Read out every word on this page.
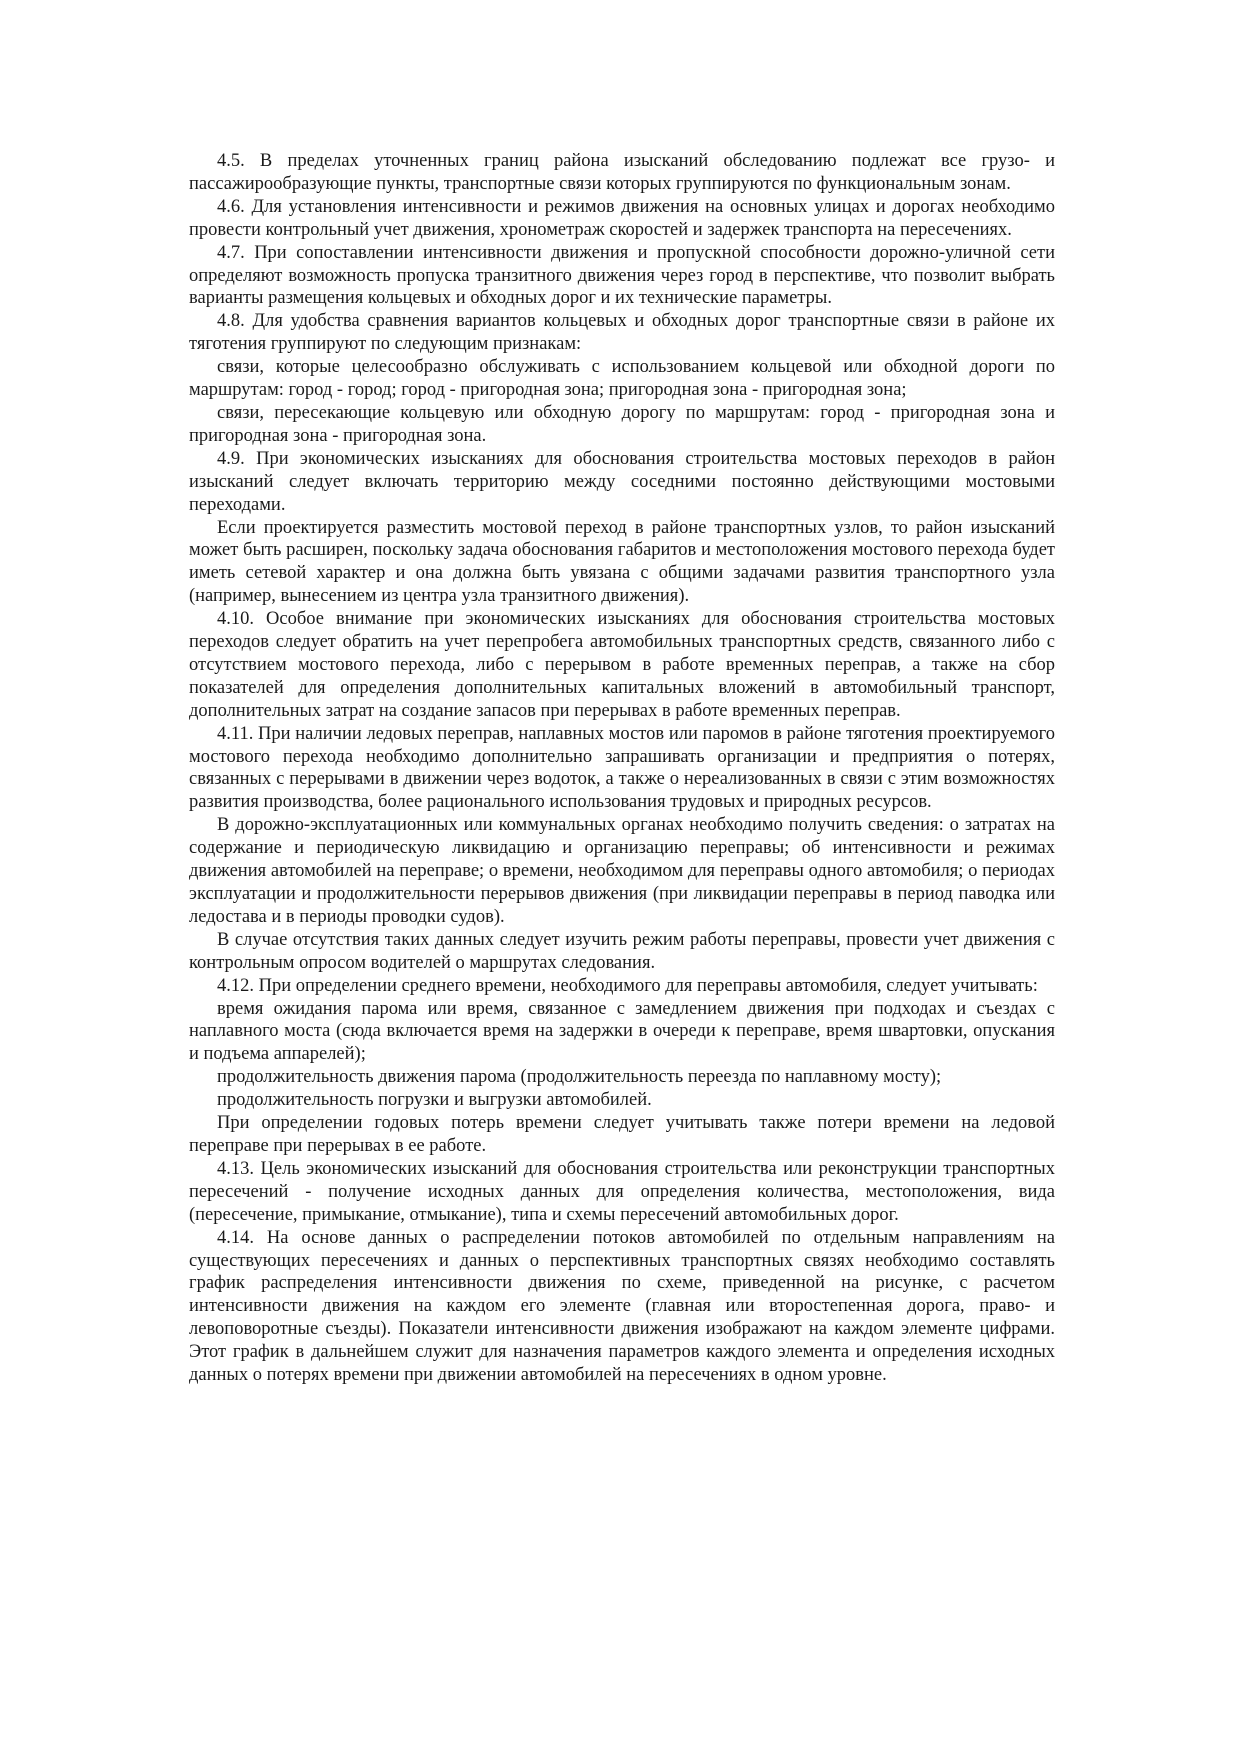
4.5. В пределах уточненных границ района изысканий обследованию подлежат все грузо- и пассажирообразующие пункты, транспортные связи которых группируются по функциональным зонам.

4.6. Для установления интенсивности и режимов движения на основных улицах и дорогах необходимо провести контрольный учет движения, хронометраж скоростей и задержек транспорта на пересечениях.

4.7. При сопоставлении интенсивности движения и пропускной способности дорожно-уличной сети определяют возможность пропуска транзитного движения через город в перспективе, что позволит выбрать варианты размещения кольцевых и обходных дорог и их технические параметры.

4.8. Для удобства сравнения вариантов кольцевых и обходных дорог транспортные связи в районе их тяготения группируют по следующим признакам:

связи, которые целесообразно обслуживать с использованием кольцевой или обходной дороги по маршрутам: город - город; город - пригородная зона; пригородная зона - пригородная зона;

связи, пересекающие кольцевую или обходную дорогу по маршрутам: город - пригородная зона и пригородная зона - пригородная зона.

4.9. При экономических изысканиях для обоснования строительства мостовых переходов в район изысканий следует включать территорию между соседними постоянно действующими мостовыми переходами.

Если проектируется разместить мостовой переход в районе транспортных узлов, то район изысканий может быть расширен, поскольку задача обоснования габаритов и местоположения мостового перехода будет иметь сетевой характер и она должна быть увязана с общими задачами развития транспортного узла (например, вынесением из центра узла транзитного движения).

4.10. Особое внимание при экономических изысканиях для обоснования строительства мостовых переходов следует обратить на учет перепробега автомобильных транспортных средств, связанного либо с отсутствием мостового перехода, либо с перерывом в работе временных переправ, а также на сбор показателей для определения дополнительных капитальных вложений в автомобильный транспорт, дополнительных затрат на создание запасов при перерывах в работе временных переправ.

4.11. При наличии ледовых переправ, наплавных мостов или паромов в районе тяготения проектируемого мостового перехода необходимо дополнительно запрашивать организации и предприятия о потерях, связанных с перерывами в движении через водоток, а также о нереализованных в связи с этим возможностях развития производства, более рационального использования трудовых и природных ресурсов.

В дорожно-эксплуатационных или коммунальных органах необходимо получить сведения: о затратах на содержание и периодическую ликвидацию и организацию переправы; об интенсивности и режимах движения автомобилей на переправе; о времени, необходимом для переправы одного автомобиля; о периодах эксплуатации и продолжительности перерывов движения (при ликвидации переправы в период паводка или ледостава и в периоды проводки судов).

В случае отсутствия таких данных следует изучить режим работы переправы, провести учет движения с контрольным опросом водителей о маршрутах следования.

4.12. При определении среднего времени, необходимого для переправы автомобиля, следует учитывать:

время ожидания парома или время, связанное с замедлением движения при подходах и съездах с наплавного моста (сюда включается время на задержки в очереди к переправе, время швартовки, опускания и подъема аппарелей);

продолжительность движения парома (продолжительность переезда по наплавному мосту);

продолжительность погрузки и выгрузки автомобилей.

При определении годовых потерь времени следует учитывать также потери времени на ледовой переправе при перерывах в ее работе.

4.13. Цель экономических изысканий для обоснования строительства или реконструкции транспортных пересечений - получение исходных данных для определения количества, местоположения, вида (пересечение, примыкание, отмыкание), типа и схемы пересечений автомобильных дорог.

4.14. На основе данных о распределении потоков автомобилей по отдельным направлениям на существующих пересечениях и данных о перспективных транспортных связях необходимо составлять график распределения интенсивности движения по схеме, приведенной на рисунке, с расчетом интенсивности движения на каждом его элементе (главная или второстепенная дорога, право- и левоповоротные съезды). Показатели интенсивности движения изображают на каждом элементе цифрами. Этот график в дальнейшем служит для назначения параметров каждого элемента и определения исходных данных о потерях времени при движении автомобилей на пересечениях в одном уровне.
